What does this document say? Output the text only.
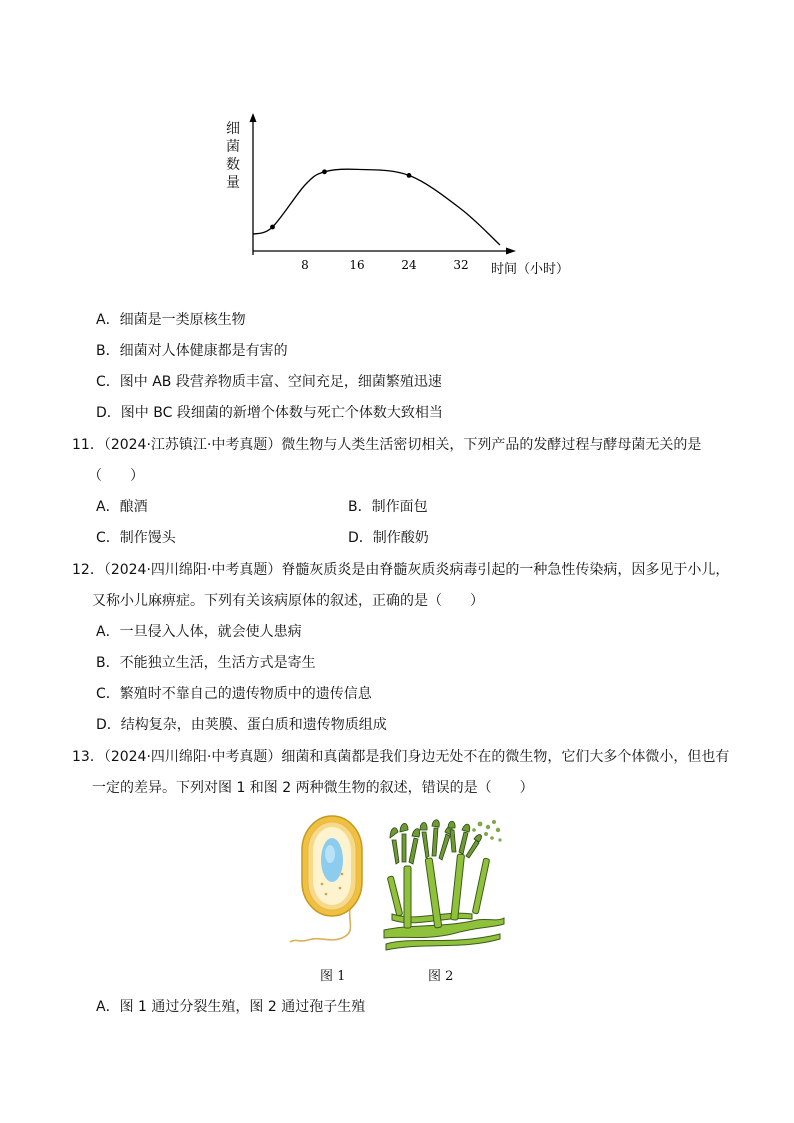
细菌数量
8	16	24	32 时间（小时）
A．细菌是一类原核生物
B．细菌对人体健康都是有害的
C．图中 AB 段营养物质丰富、空间充足，细菌繁殖迅速
D．图中 BC 段细菌的新增个体数与死亡个体数大致相当
11．（2024·江苏镇江·中考真题）微生物与人类生活密切相关，下列产品的发酵过程与酵母菌无关的是
（　　）
A．酿酒	B．制作面包
C．制作馒头	D．制作酸奶
12．（2024·四川绵阳·中考真题）脊髓灰质炎是由脊髓灰质炎病毒引起的一种急性传染病，因多见于小儿，
又称小儿麻痹症。下列有关该病原体的叙述，正确的是（　　）
A．一旦侵入人体，就会使人患病
B．不能独立生活，生活方式是寄生
C．繁殖时不靠自己的遗传物质中的遗传信息
D．结构复杂，由荚膜、蛋白质和遗传物质组成
13．（2024·四川绵阳·中考真题）细菌和真菌都是我们身边无处不在的微生物，它们大多个体微小，但也有
一定的差异。下列对图 1 和图 2 两种微生物的叙述，错误的是（　　）
图 1	图 2
A．图 1 通过分裂生殖，图 2 通过孢子生殖
